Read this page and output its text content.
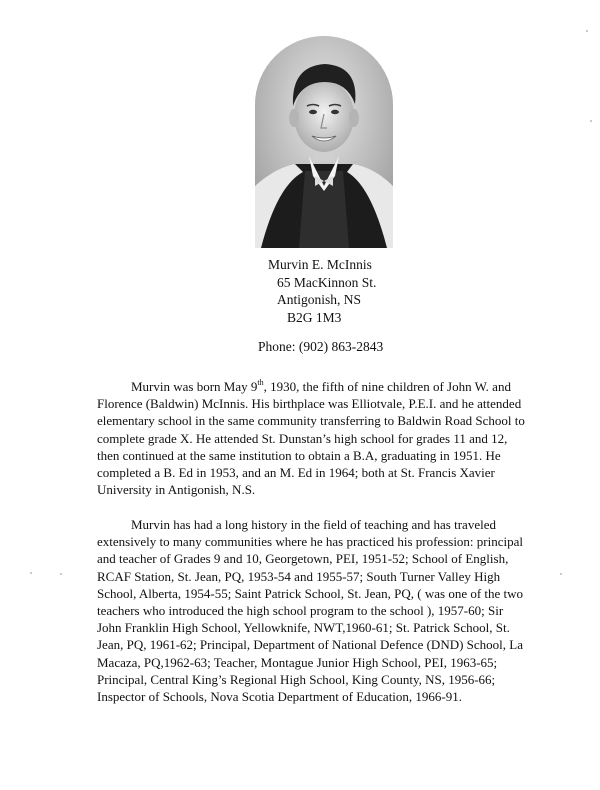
Murvin E. McInnis
65 MacKinnon St.
Antigonish, NS
B2G 1M3
Phone: (902) 863-2843

Murvin was born May 9th, 1930, the fifth of nine children of John W. and
Florence (Baldwin) McInnis. His birthplace was Elliotvale, P.E.I. and he attended
elementary school in the same community transferring to Baldwin Road School to
complete grade X. He attended St. Dunstan’s high school for grades 11 and 12,
then continued at the same institution to obtain a B.A, graduating in 1951. He
completed a B. Ed in 1953, and an M. Ed in 1964; both at St. Francis Xavier
University in Antigonish, N.S.

Murvin has had a long history in the field of teaching and has traveled
extensively to many communities where he has practiced his profession: principal
and teacher of Grades 9 and 10, Georgetown, PEI, 1951-52; School of English,
RCAF Station, St. Jean, PQ, 1953-54 and 1955-57; South Turner Valley High
School, Alberta, 1954-55; Saint Patrick School, St. Jean, PQ, ( was one of the two
teachers who introduced the high school program to the school ), 1957-60; Sir
John Franklin High School, Yellowknife, NWT,1960-61; St. Patrick School, St.
Jean, PQ, 1961-62; Principal, Department of National Defence (DND) School, La
Macaza, PQ,1962-63; Teacher, Montague Junior High School, PEI, 1963-65;
Principal, Central King’s Regional High School, King County, NS, 1956-66;
Inspector of Schools, Nova Scotia Department of Education, 1966-91.
